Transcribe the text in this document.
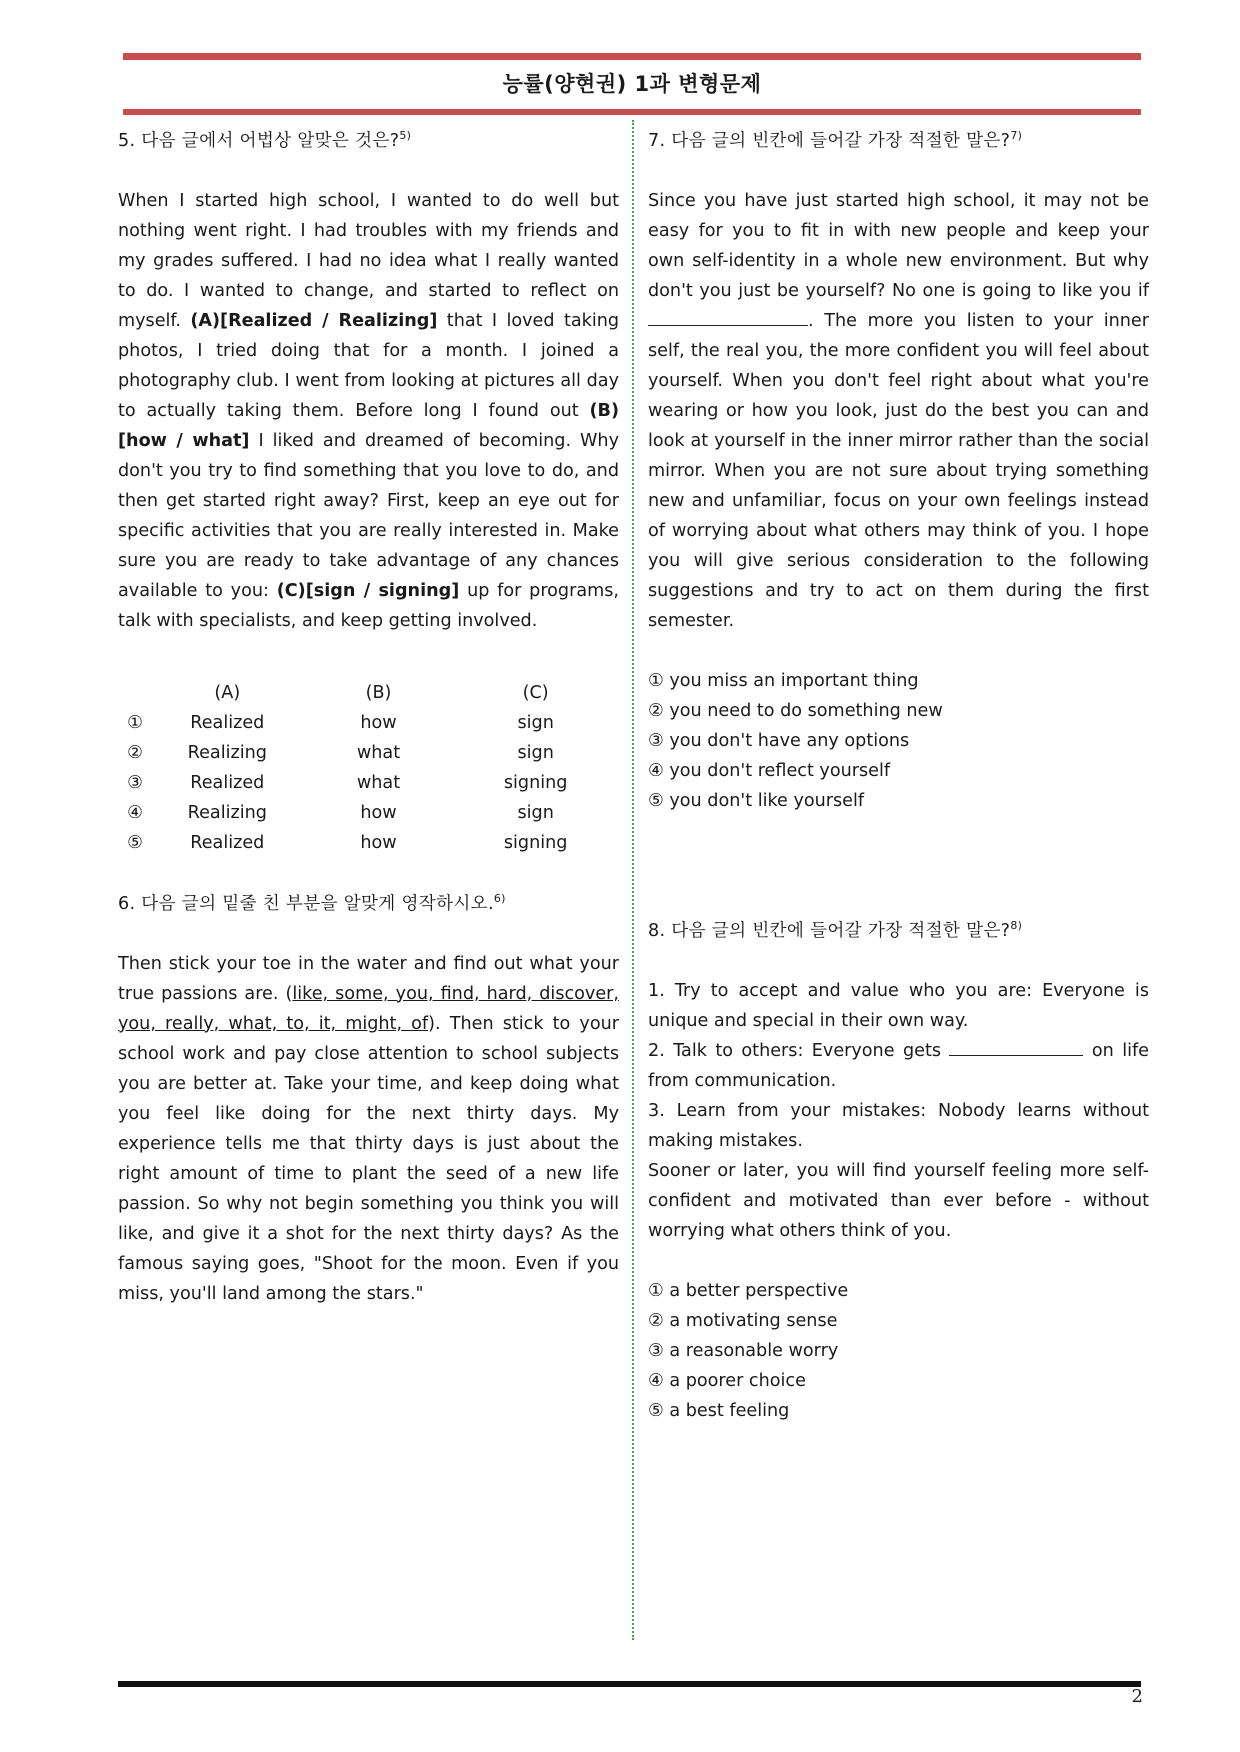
능률(양현권) 1과 변형문제
5. 다음 글에서 어법상 알맞은 것은?$^{5)}$

When I started high school, I wanted to do well but nothing went right. I had troubles with my friends and my grades suffered. I had no idea what I really wanted to do. I wanted to change, and started to reflect on myself. (A)[Realized / Realizing] that I loved taking photos, I tried doing that for a month. I joined a photography club. I went from looking at pictures all day to actually taking them. Before long I found out (B)[how / what] I liked and dreamed of becoming. Why don't you try to find something that you love to do, and then get started right away? First, keep an eye out for specific activities that you are really interested in. Make sure you are ready to take advantage of any chances available to you: (C)[sign / signing] up for programs, talk with specialists, and keep getting involved.

	(A)	(B)	(C)
①	Realized	how	sign
②	Realizing	what	sign
③	Realized	what	signing
④	Realizing	how	sign
⑤	Realized	how	signing
6. 다음 글의 밑줄 친 부분을 알맞게 영작하시오.$^{6)}$

Then stick your toe in the water and find out what your true passions are. (like, some, you, find, hard, discover, you, really, what, to, it, might, of). Then stick to your school work and pay close attention to school subjects you are better at. Take your time, and keep doing what you feel like doing for the next thirty days. My experience tells me that thirty days is just about the right amount of time to plant the seed of a new life passion. So why not begin something you think you will like, and give it a shot for the next thirty days? As the famous saying goes, "Shoot for the moon. Even if you miss, you'll land among the stars."

7. 다음 글의 빈칸에 들어갈 가장 적절한 말은?$^{7)}$

Since you have just started high school, it may not be easy for you to fit in with new people and keep your own self-identity in a whole new environment. But why don't you just be yourself? No one is going to like you if . The more you listen to your inner self, the real you, the more confident you will feel about yourself. When you don't feel right about what you're wearing or how you look, just do the best you can and look at yourself in the inner mirror rather than the social mirror. When you are not sure about trying something new and unfamiliar, focus on your own feelings instead of worrying about what others may think of you. I hope you will give serious consideration to the following suggestions and try to act on them during the first semester.

① you miss an important thing
② you need to do something new
③ you don't have any options
④ you don't reflect yourself
⑤ you don't like yourself
8. 다음 글의 빈칸에 들어갈 가장 적절한 말은?$^{8)}$

1. Try to accept and value who you are: Everyone is unique and special in their own way.

2. Talk to others: Everyone gets	on life from communication.

3. Learn from your mistakes: Nobody learns without making mistakes.

Sooner or later, you will find yourself feeling more self-confident and motivated than ever before - without worrying what others think of you.

① a better perspective
② a motivating sense
③ a reasonable worry
④ a poorer choice
⑤ a best feeling
2
